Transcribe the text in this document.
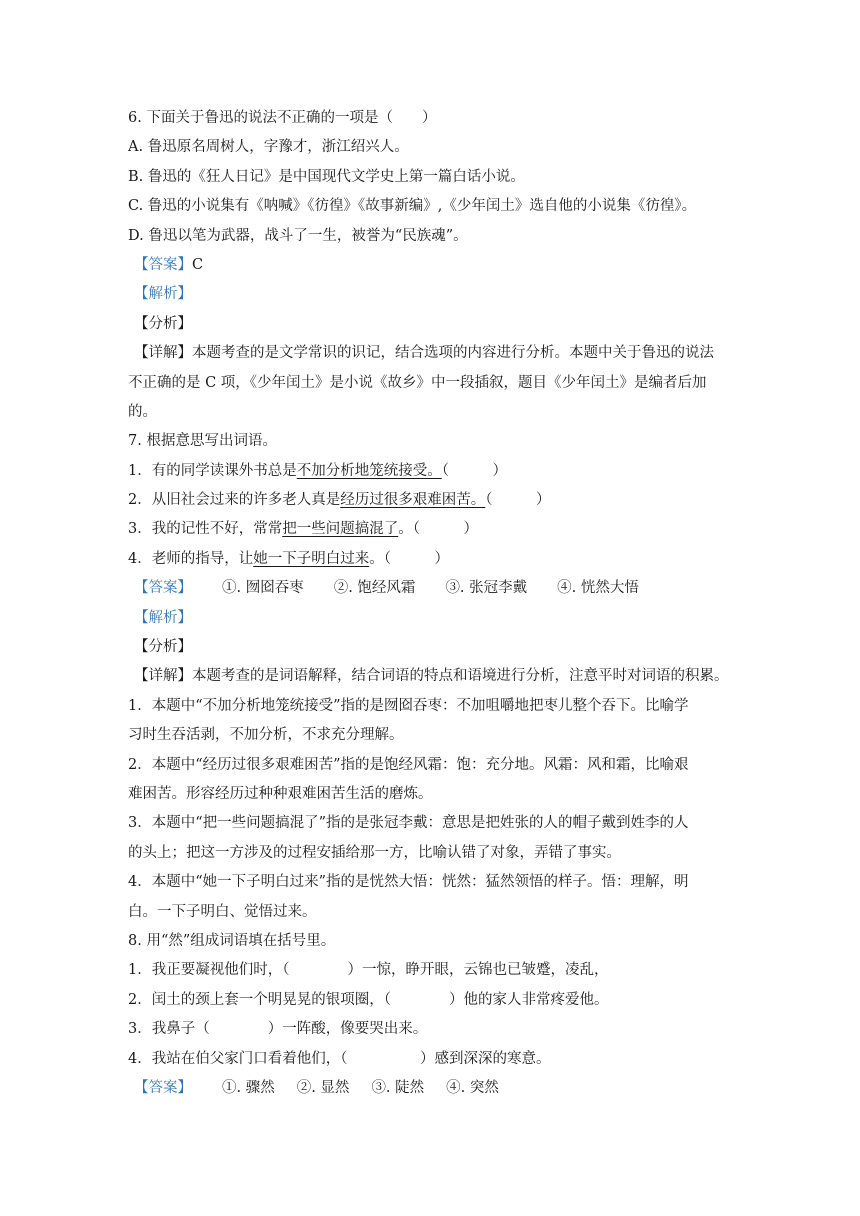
6. 下面关于鲁迅的说法不正确的一项是（　　）
A. 鲁迅原名周树人，字豫才，浙江绍兴人。
B. 鲁迅的《狂人日记》是中国现代文学史上第一篇白话小说。
C. 鲁迅的小说集有《呐喊》《彷徨》《故事新编》,《少年闰土》选自他的小说集《彷徨》。
D. 鲁迅以笔为武器，战斗了一生，被誉为“民族魂”。
【答案】C
【解析】
【分析】
【详解】本题考查的是文学常识的识记，结合选项的内容进行分析。本题中关于鲁迅的说法
不正确的是 C 项，《少年闰土》是小说《故乡》中一段插叙，题目《少年闰土》是编者后加
的。
7. 根据意思写出词语。
1．有的同学读课外书总是不加分析地笼统接受。（　　　）
2．从旧社会过来的许多老人真是经历过很多艰难困苦。（　　　）
3．我的记性不好，常常把一些问题搞混了。（　　　）
4．老师的指导，让她一下子明白过来。（　　　）
【答案】 ①. 囫囵吞枣 ②. 饱经风霜 ③. 张冠李戴 ④. 恍然大悟
【解析】
【分析】
【详解】本题考查的是词语解释，结合词语的特点和语境进行分析，注意平时对词语的积累。
1．本题中“不加分析地笼统接受”指的是囫囵吞枣：不加咀嚼地把枣儿整个吞下。比喻学
习时生吞活剥，不加分析，不求充分理解。
2．本题中“经历过很多艰难困苦”指的是饱经风霜：饱：充分地。风霜：风和霜，比喻艰
难困苦。形容经历过种种艰难困苦生活的磨炼。
3．本题中“把一些问题搞混了”指的是张冠李戴：意思是把姓张的人的帽子戴到姓李的人
的头上；把这一方涉及的过程安插给那一方，比喻认错了对象，弄错了事实。
4．本题中“她一下子明白过来”指的是恍然大悟：恍然：猛然领悟的样子。悟：理解，明
白。一下子明白、觉悟过来。
8. 用“然”组成词语填在括号里。
1．我正要凝视他们时，（　　　　）一惊，睁开眼，云锦也已皱蹙，凌乱，
2．闰土的颈上套一个明晃晃的银项圈，（　　　　）他的家人非常疼爱他。
3．我鼻子（　　　　）一阵酸，像要哭出来。
4．我站在伯父家门口看着他们，（　　　　　）感到深深的寒意。
【答案】 ①. 骤然 ②. 显然 ③. 陡然 ④. 突然
